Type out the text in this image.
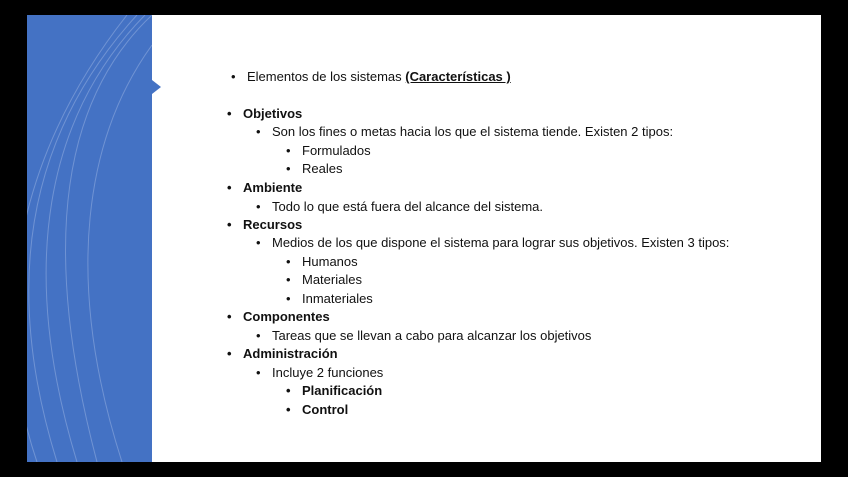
• Elementos de los sistemas (Características )
• Objetivos
• Son los fines o metas hacia los que el sistema tiende. Existen 2 tipos:
• Formulados
• Reales
• Ambiente
• Todo lo que está fuera del alcance del sistema.
• Recursos
• Medios de los que dispone el sistema para lograr sus objetivos. Existen 3 tipos:
• Humanos
• Materiales
• Inmateriales
• Componentes
• Tareas que se llevan a cabo para alcanzar los objetivos
• Administración
• Incluye 2 funciones
• Planificación
• Control
